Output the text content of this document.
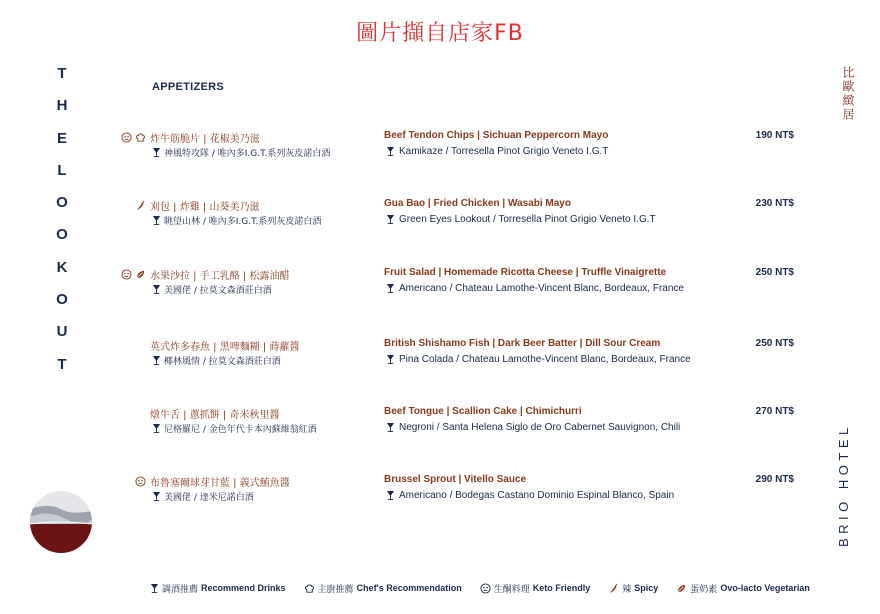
圖片擷自店家FB
T
H
E
L
O
O
K
O
U
T
比歐緻居
BRIO HOTEL
APPETIZERS
炸牛筋脆片 | 花椒美乃滋
神風特攻隊 / 唯內多I.G.T.系列灰皮諾白酒
Beef Tendon Chips | Sichuan Peppercorn Mayo
Kamikaze / Torresella Pinot Grigio Veneto I.G.T
190 NT$
刈包 | 炸雞 | 山葵美乃滋
眺望山林 / 唯內多I.G.T.系列灰皮諾白酒
Gua Bao | Fried Chicken | Wasabi Mayo
Green Eyes Lookout / Torresella Pinot Grigio Veneto I.G.T
230 NT$
水果沙拉 | 手工乳酪 | 松露油醋
美國佬 / 拉莫文森酒莊白酒
Fruit Salad | Homemade Ricotta Cheese | Truffle Vinaigrette
Americano / Chateau Lamothe-Vincent Blanc, Bordeaux, France
250 NT$
英式炸多春魚 | 黑啤麵糊 | 蒔蘿醬
椰林風情 / 拉莫文森酒莊白酒
British Shishamo Fish | Dark Beer Batter | Dill Sour Cream
Pina Colada / Chateau Lamothe-Vincent Blanc, Bordeaux, France
250 NT$
燉牛舌 | 蔥抓餅 | 奇米秋里醬
尼格羅尼 / 金色年代卡本內蘇維翁紅酒
Beef Tongue | Scallion Cake | Chimichurri
Negroni / Santa Helena Siglo de Oro Cabernet Sauvignon, Chili
270 NT$
布魯塞爾球芽甘藍 | 義式鮪魚醬
美國佬 / 達米尼諾白酒
Brussel Sprout | Vitello Sauce
Americano / Bodegas Castano Dominio Espinal Blanco, Spain
290 NT$
調酒推薦 Recommend Drinks	主廚推薦 Chef's Recommendation	生酮料理 Keto Friendly	辣 Spicy	蛋奶素 Ovo-lacto Vegetarian
